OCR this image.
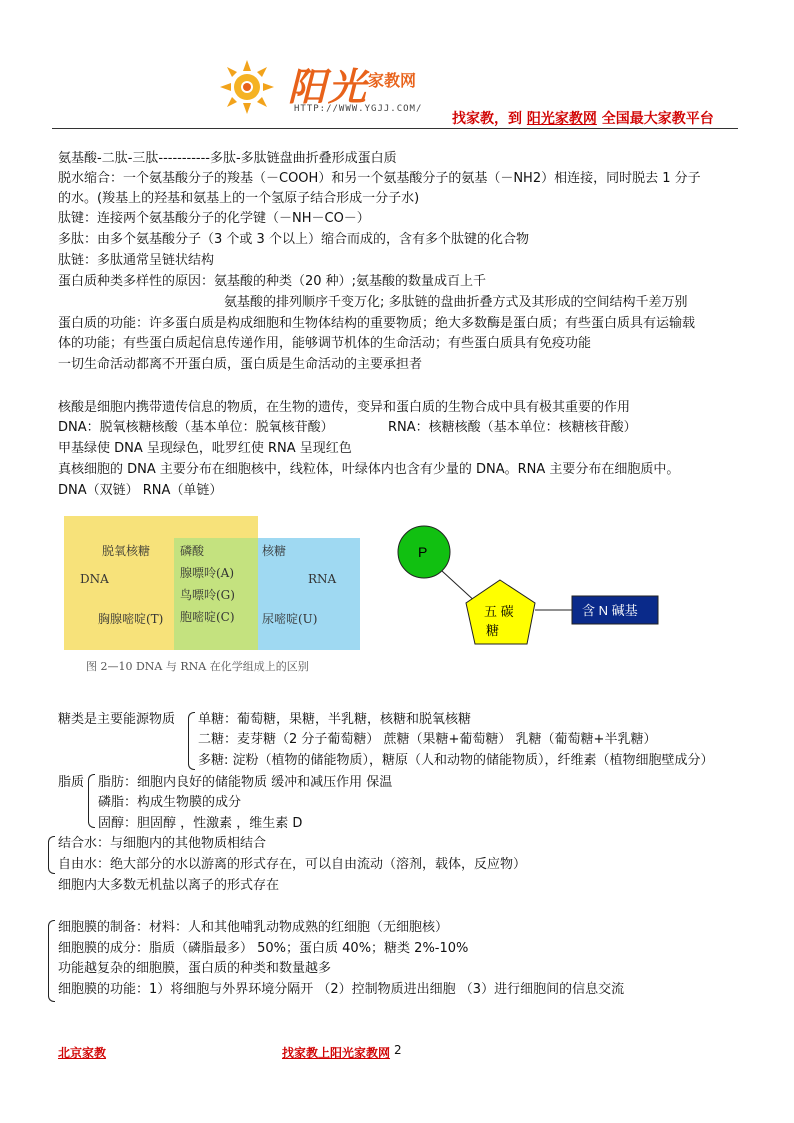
阳光 家教网
HTTP://WWW.YGJJ.COM/
找家教，到 阳光家教网 全国最大家教平台
氨基酸-二肽-三肽-----------多肽-多肽链盘曲折叠形成蛋白质
脱水缩合：一个氨基酸分子的羧基（－COOH）和另一个氨基酸分子的氨基（－NH2）相连接，同时脱去 1 分子
的水。(羧基上的羟基和氨基上的一个氢原子结合形成一分子水)
肽键：连接两个氨基酸分子的化学键（－NH－CO－）
多肽：由多个氨基酸分子（3 个或 3 个以上）缩合而成的，含有多个肽键的化合物
肽链：多肽通常呈链状结构
蛋白质种类多样性的原因：氨基酸的种类（20 种）;氨基酸的数量成百上千
氨基酸的排列顺序千变万化; 多肽链的盘曲折叠方式及其形成的空间结构千差万别
蛋白质的功能：许多蛋白质是构成细胞和生物体结构的重要物质；绝大多数酶是蛋白质；有些蛋白质具有运输载
体的功能；有些蛋白质起信息传递作用，能够调节机体的生命活动；有些蛋白质具有免疫功能
一切生命活动都离不开蛋白质，蛋白质是生命活动的主要承担者
核酸是细胞内携带遗传信息的物质，在生物的遗传，变异和蛋白质的生物合成中具有极其重要的作用
DNA：脱氧核糖核酸（基本单位：脱氧核苷酸）	RNA：核糖核酸（基本单位：核糖核苷酸）
甲基绿使 DNA 呈现绿色，吡罗红使 RNA 呈现红色
真核细胞的 DNA 主要分布在细胞核中，线粒体，叶绿体内也含有少量的 DNA。RNA 主要分布在细胞质中。
DNA（双链） RNA（单链）
脱氧核糖
DNA
胸腺嘧啶(T)
磷酸
腺嘌呤(A)
鸟嘌呤(G)
胞嘧啶(C)
核糖
RNA
尿嘧啶(U)
图 2—10 DNA 与 RNA 在化学组成上的区别
P
五 碳
糖
含 N 碱基
糖类是主要能源物质 单糖：葡萄糖，果糖，半乳糖，核糖和脱氧核糖
二糖：麦芽糖（2 分子葡萄糖） 蔗糖（果糖+葡萄糖） 乳糖（葡萄糖+半乳糖）
多糖: 淀粉（植物的储能物质），糖原（人和动物的储能物质），纤维素（植物细胞壁成分）
脂质 脂肪：细胞内良好的储能物质 缓冲和减压作用 保温
磷脂：构成生物膜的成分
固醇：胆固醇 ，性激素 ，维生素 D
结合水：与细胞内的其他物质相结合
自由水：绝大部分的水以游离的形式存在，可以自由流动（溶剂，载体，反应物）
细胞内大多数无机盐以离子的形式存在
细胞膜的制备：材料：人和其他哺乳动物成熟的红细胞（无细胞核）
细胞膜的成分：脂质（磷脂最多） 50%；蛋白质 40%；糖类 2%-10%
功能越复杂的细胞膜，蛋白质的种类和数量越多
细胞膜的功能：1）将细胞与外界环境分隔开 （2）控制物质进出细胞 （3）进行细胞间的信息交流
北京家教	找家教上阳光家教网 2
